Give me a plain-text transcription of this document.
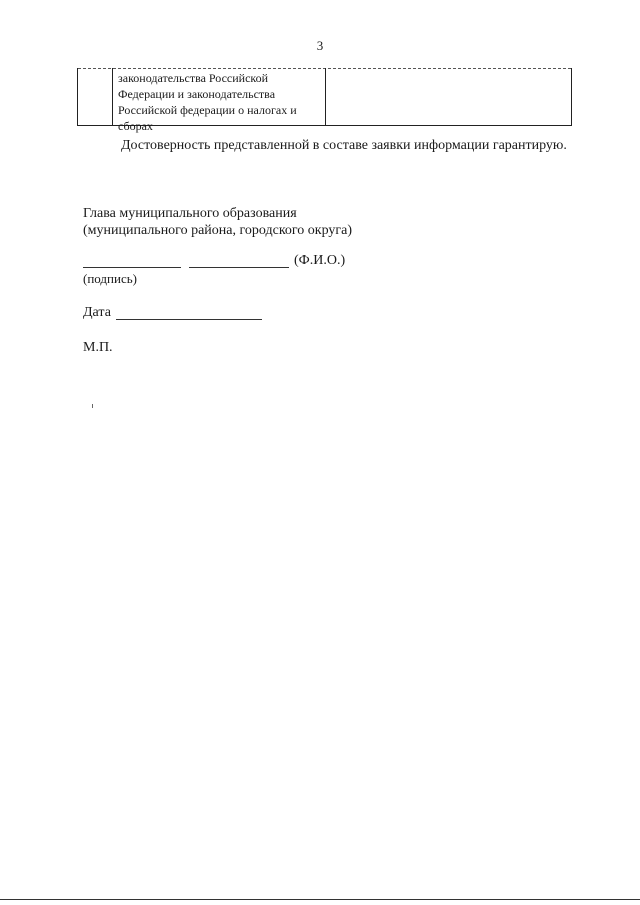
3
законодательства Российской Федерации и законодательства Российской федерации о налогах и сборах
Достоверность представленной в составе заявки информации гарантирую.
Глава муниципального образования
(муниципального района, городского округа)
(Ф.И.О.)
(подпись)
Дата
М.П.
